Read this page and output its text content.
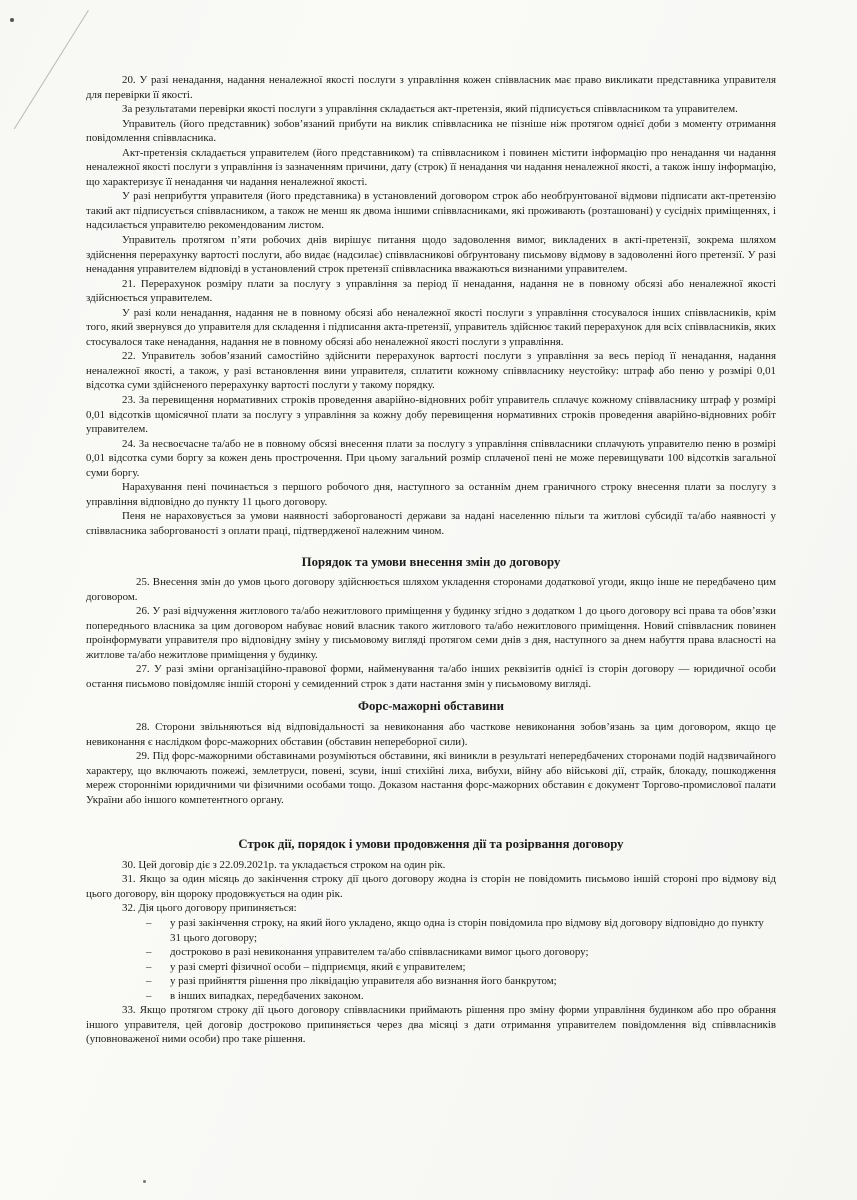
20. У разі ненадання, надання неналежної якості послуги з управління кожен співвласник має право викликати представника управителя для перевірки її якості.

За результатами перевірки якості послуги з управління складається акт-претензія, який підписується співвласником та управителем.

Управитель (його представник) зобов’язаний прибути на виклик співвласника не пізніше ніж протягом однієї доби з моменту отримання повідомлення співвласника.

Акт-претензія складається управителем (його представником) та співвласником і повинен містити інформацію про ненадання чи надання неналежної якості послуги з управління із зазначенням причини, дату (строк) її ненадання чи надання неналежної якості, а також іншу інформацію, що характеризує її ненадання чи надання неналежної якості.

У разі неприбуття управителя (його представника) в установлений договором строк або необґрунтованої відмови підписати акт-претензію такий акт підписується співвласником, а також не менш як двома іншими співвласниками, які проживають (розташовані) у сусідніх приміщеннях, і надсилається управителю рекомендованим листом.

Управитель протягом п’яти робочих днів вирішує питання щодо задоволення вимог, викладених в акті-претензії, зокрема шляхом здійснення перерахунку вартості послуги, або видає (надсилає) співвласникові обґрунтовану письмову відмову в задоволенні його претензії. У разі ненадання управителем відповіді в установлений строк претензії співвласника вважаються визнаними управителем.

21. Перерахунок розміру плати за послугу з управління за період її ненадання, надання не в повному обсязі або неналежної якості здійснюється управителем.

У разі коли ненадання, надання не в повному обсязі або неналежної якості послуги з управління стосувалося інших співвласників, крім того, який звернувся до управителя для складення і підписання акта-претензії, управитель здійснює такий перерахунок для всіх співвласників, яких стосувалося таке ненадання, надання не в повному обсязі або неналежної якості послуги з управління.

22. Управитель зобов’язаний самостійно здійснити перерахунок вартості послуги з управління за весь період її ненадання, надання неналежної якості, а також, у разі встановлення вини управителя, сплатити кожному співвласнику неустойку: штраф або пеню у розмірі 0,01 відсотка суми здійсненого перерахунку вартості послуги у такому порядку.

23. За перевищення нормативних строків проведення аварійно-відновних робіт управитель сплачує кожному співвласнику штраф у розмірі 0,01 відсотків щомісячної плати за послугу з управління за кожну добу перевищення нормативних строків проведення аварійно-відновних робіт управителем.

24. За несвоєчасне та/або не в повному обсязі внесення плати за послугу з управління співвласники сплачують управителю пеню в розмірі 0,01 відсотка суми боргу за кожен день прострочення. При цьому загальний розмір сплаченої пені не може перевищувати 100 відсотків загальної суми боргу.

Нарахування пені починається з першого робочого дня, наступного за останнім днем граничного строку внесення плати за послугу з управління відповідно до пункту 11 цього договору.

Пеня не нараховується за умови наявності заборгованості держави за надані населенню пільги та житлові субсидії та/або наявності у співвласника заборгованості з оплати праці, підтвердженої належним чином.

Порядок та умови внесення змін до договору

25. Внесення змін до умов цього договору здійснюється шляхом укладення сторонами додаткової угоди, якщо інше не передбачено цим договором.

26. У разі відчуження житлового та/або нежитлового приміщення у будинку згідно з додатком 1 до цього договору всі права та обов’язки попереднього власника за цим договором набуває новий власник такого житлового та/або нежитлового приміщення. Новий співвласник повинен проінформувати управителя про відповідну зміну у письмовому вигляді протягом семи днів з дня, наступного за днем набуття права власності на житлове та/або нежитлове приміщення у будинку.

27. У разі зміни організаційно-правової форми, найменування та/або інших реквізитів однієї із сторін договору — юридичної особи остання письмово повідомляє іншій стороні у семиденний строк з дати настання змін у письмовому вигляді.

Форс-мажорні обставини

28. Сторони звільняються від відповідальності за невиконання або часткове невиконання зобов’язань за цим договором, якщо це невиконання є наслідком форс-мажорних обставин (обставин непереборної сили).

29. Під форс-мажорними обставинами розуміються обставини, які виникли в результаті непередбачених сторонами подій надзвичайного характеру, що включають пожежі, землетруси, повені, зсуви, інші стихійні лиха, вибухи, війну або військові дії, страйк, блокаду, пошкодження мереж сторонніми юридичними чи фізичними особами тощо. Доказом настання форс-мажорних обставин є документ Торгово-промислової палати України або іншого компетентного органу.

Строк дії, порядок і умови продовження дії та розірвання договору

30. Цей договір діє з 22.09.2021р. та укладається строком на один рік.

31. Якщо за один місяць до закінчення строку дії цього договору жодна із сторін не повідомить письмово іншій стороні про відмову від цього договору, він щороку продовжується на один рік.

32. Дія цього договору припиняється:

– у разі закінчення строку, на який його укладено, якщо одна із сторін повідомила про відмову від договору відповідно до пункту 31 цього договору;
– достроково в разі невиконання управителем та/або співвласниками вимог цього договору;
– у разі смерті фізичної особи – підприємця, який є управителем;
– у разі прийняття рішення про ліквідацію управителя або визнання його банкрутом;
– в інших випадках, передбачених законом.

33. Якщо протягом строку дії цього договору співвласники приймають рішення про зміну форми управління будинком або про обрання іншого управителя, цей договір достроково припиняється через два місяці з дати отримання управителем повідомлення від співвласників (уповноваженої ними особи) про таке рішення.
